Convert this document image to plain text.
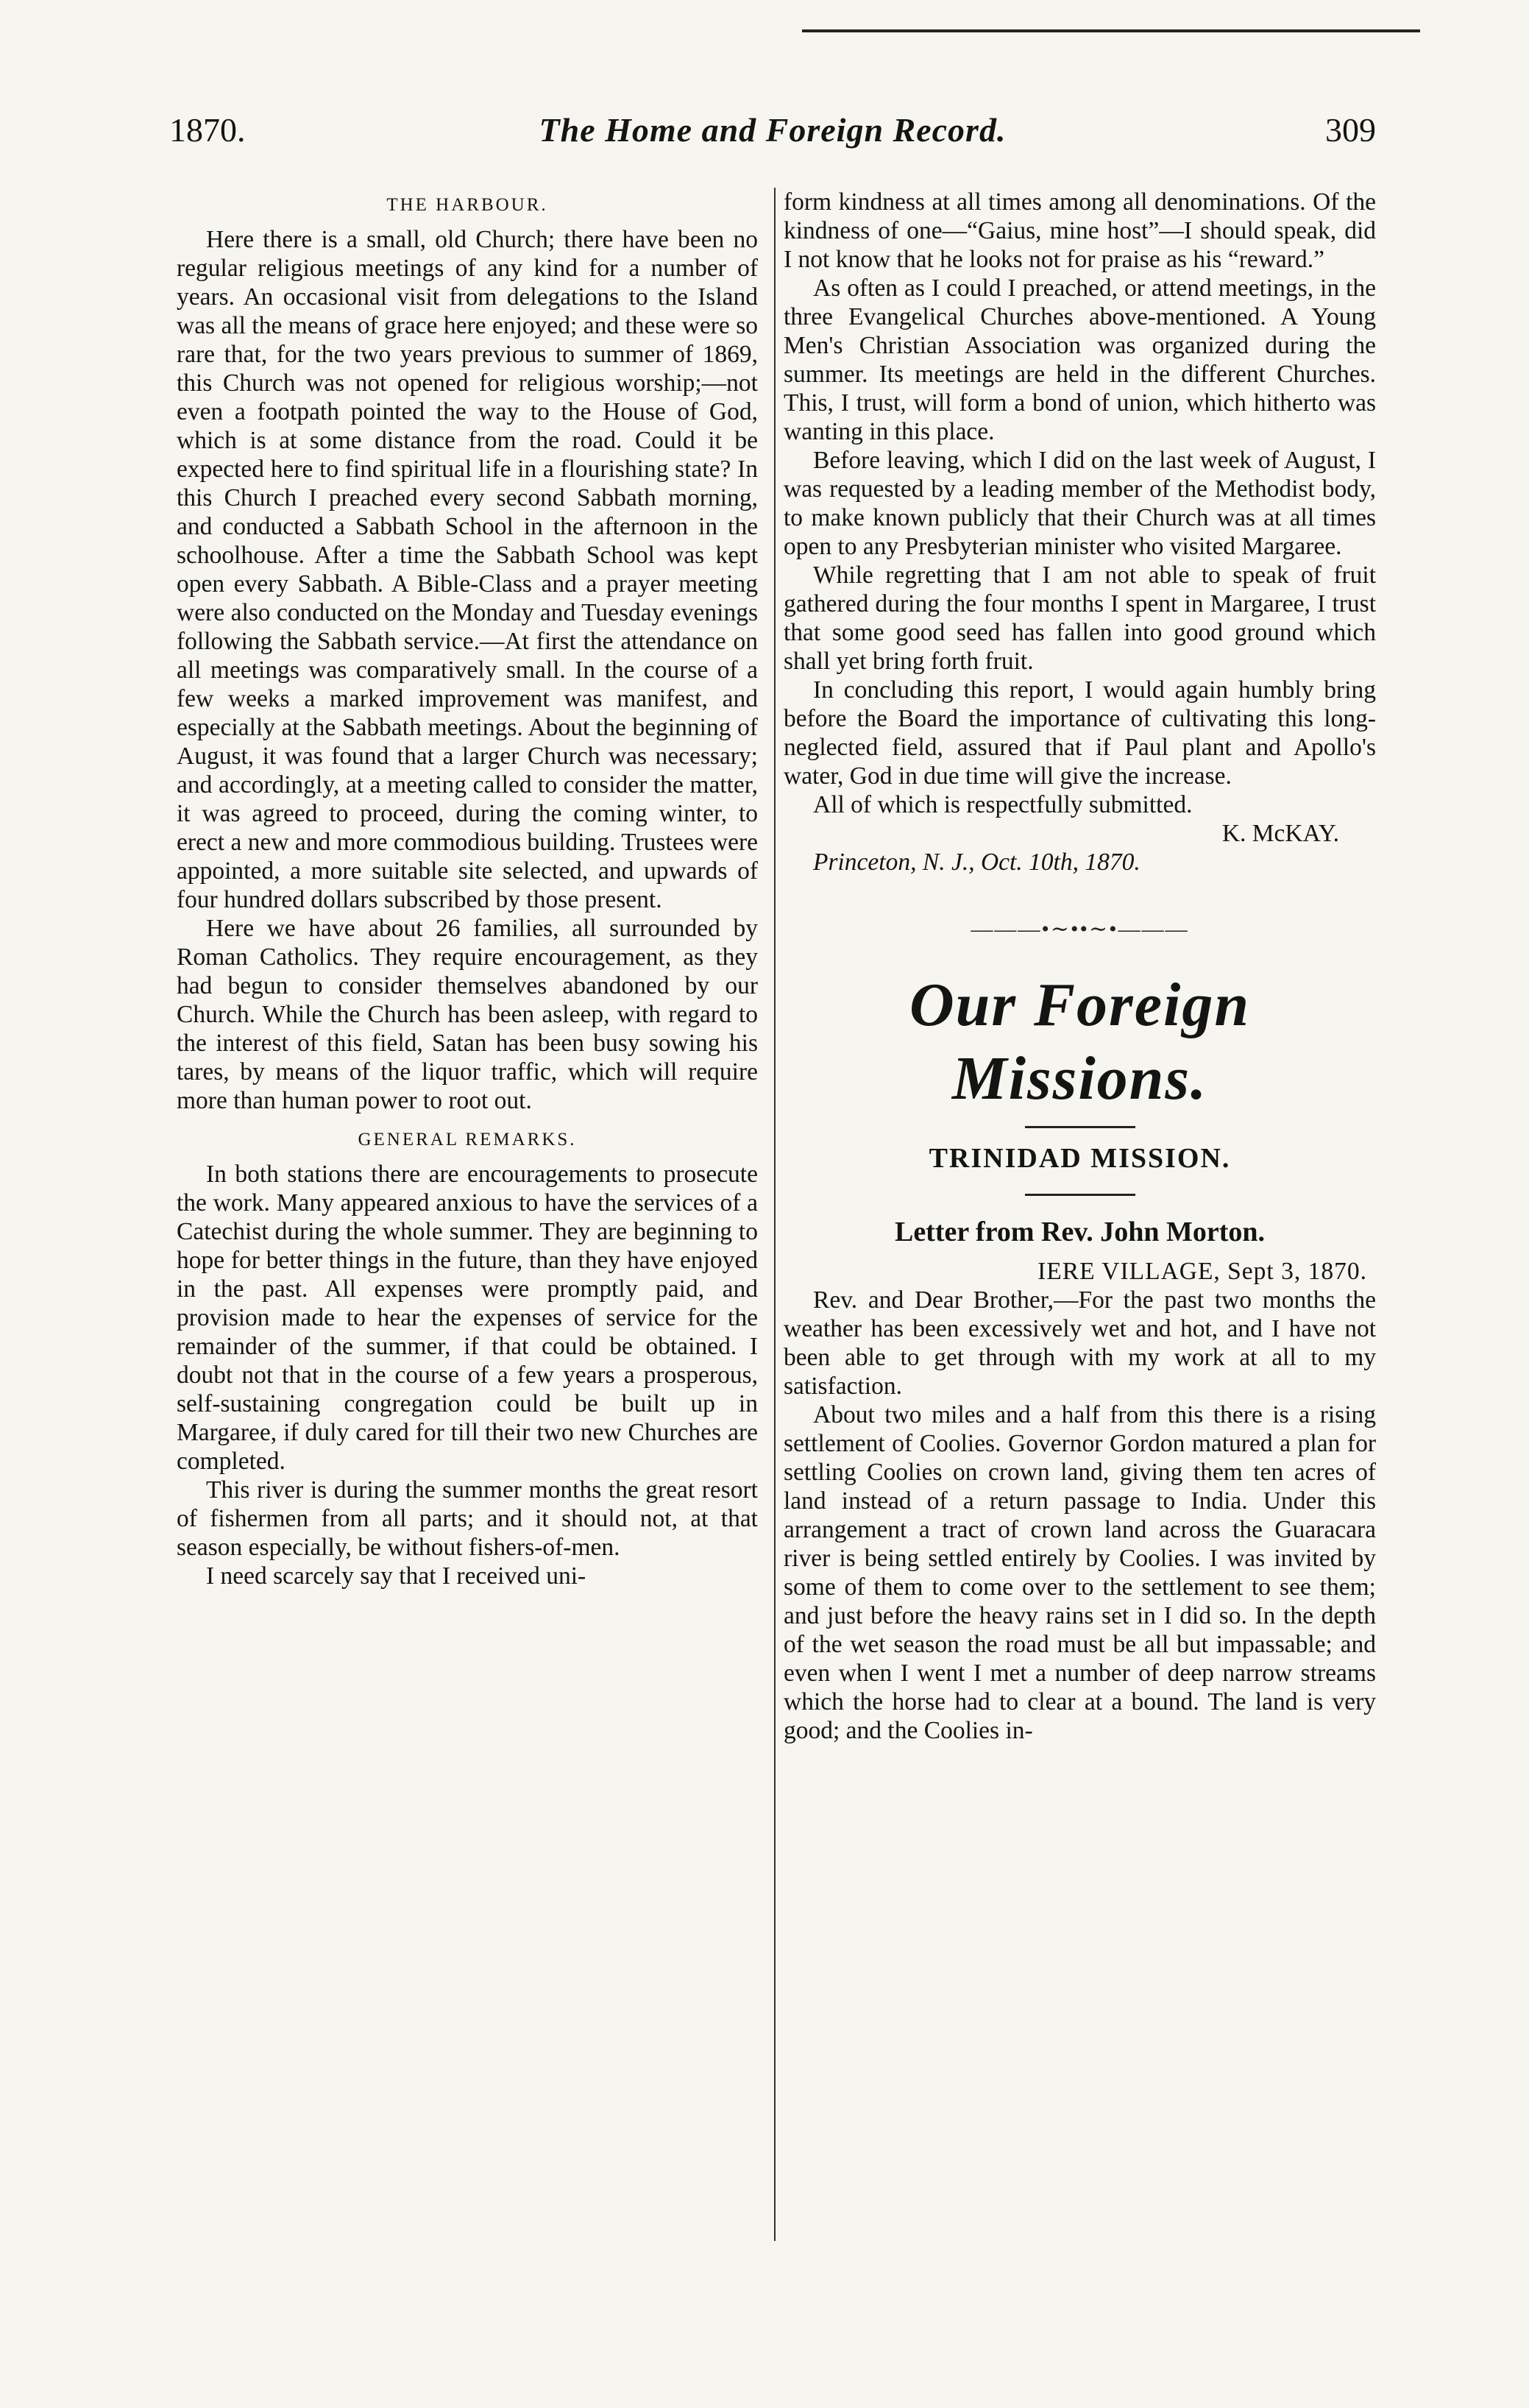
1870.	The Home and Foreign Record.	309
THE HARBOUR.

Here there is a small, old Church; there have been no regular religious meetings of any kind for a number of years. An occasional visit from delegations to the Island was all the means of grace here enjoyed; and these were so rare that, for the two years previous to summer of 1869, this Church was not opened for religious worship;—not even a footpath pointed the way to the House of God, which is at some distance from the road. Could it be expected here to find spiritual life in a flourishing state? In this Church I preached every second Sabbath morning, and conducted a Sabbath School in the afternoon in the schoolhouse. After a time the Sabbath School was kept open every Sabbath. A Bible-Class and a prayer meeting were also conducted on the Monday and Tuesday evenings following the Sabbath service.—At first the attendance on all meetings was comparatively small. In the course of a few weeks a marked improvement was manifest, and especially at the Sabbath meetings. About the beginning of August, it was found that a larger Church was necessary; and accordingly, at a meeting called to consider the matter, it was agreed to proceed, during the coming winter, to erect a new and more commodious building. Trustees were appointed, a more suitable site selected, and upwards of four hundred dollars subscribed by those present.

Here we have about 26 families, all surrounded by Roman Catholics. They require encouragement, as they had begun to consider themselves abandoned by our Church. While the Church has been asleep, with regard to the interest of this field, Satan has been busy sowing his tares, by means of the liquor traffic, which will require more than human power to root out.

GENERAL REMARKS.

In both stations there are encouragements to prosecute the work. Many appeared anxious to have the services of a Catechist during the whole summer. They are beginning to hope for better things in the future, than they have enjoyed in the past. All expenses were promptly paid, and provision made to hear the expenses of service for the remainder of the summer, if that could be obtained. I doubt not that in the course of a few years a prosperous, self-sustaining congregation could be built up in Margaree, if duly cared for till their two new Churches are completed.

This river is during the summer months the great resort of fishermen from all parts; and it should not, at that season especially, be without fishers-of-men.

I need scarcely say that I received uni-

form kindness at all times among all denominations. Of the kindness of one—“Gaius, mine host”—I should speak, did I not know that he looks not for praise as his “reward.”

As often as I could I preached, or attend meetings, in the three Evangelical Churches above-mentioned. A Young Men's Christian Association was organized during the summer. Its meetings are held in the different Churches. This, I trust, will form a bond of union, which hitherto was wanting in this place.

Before leaving, which I did on the last week of August, I was requested by a leading member of the Methodist body, to make known publicly that their Church was at all times open to any Presbyterian minister who visited Margaree.

While regretting that I am not able to speak of fruit gathered during the four months I spent in Margaree, I trust that some good seed has fallen into good ground which shall yet bring forth fruit.

In concluding this report, I would again humbly bring before the Board the importance of cultivating this long-neglected field, assured that if Paul plant and Apollo's water, God in due time will give the increase.

All of which is respectfully submitted.

K. McKAY.

Princeton, N. J., Oct. 10th, 1870.

———•∼••∼•———
Our Foreign Missions.
TRINIDAD MISSION.
Letter from Rev. John Morton.

IERE VILLAGE, Sept 3, 1870.

Rev. and Dear Brother,—For the past two months the weather has been excessively wet and hot, and I have not been able to get through with my work at all to my satisfaction.

About two miles and a half from this there is a rising settlement of Coolies. Governor Gordon matured a plan for settling Coolies on crown land, giving them ten acres of land instead of a return passage to India. Under this arrangement a tract of crown land across the Guaracara river is being settled entirely by Coolies. I was invited by some of them to come over to the settlement to see them; and just before the heavy rains set in I did so. In the depth of the wet season the road must be all but impassable; and even when I went I met a number of deep narrow streams which the horse had to clear at a bound. The land is very good; and the Coolies in-
